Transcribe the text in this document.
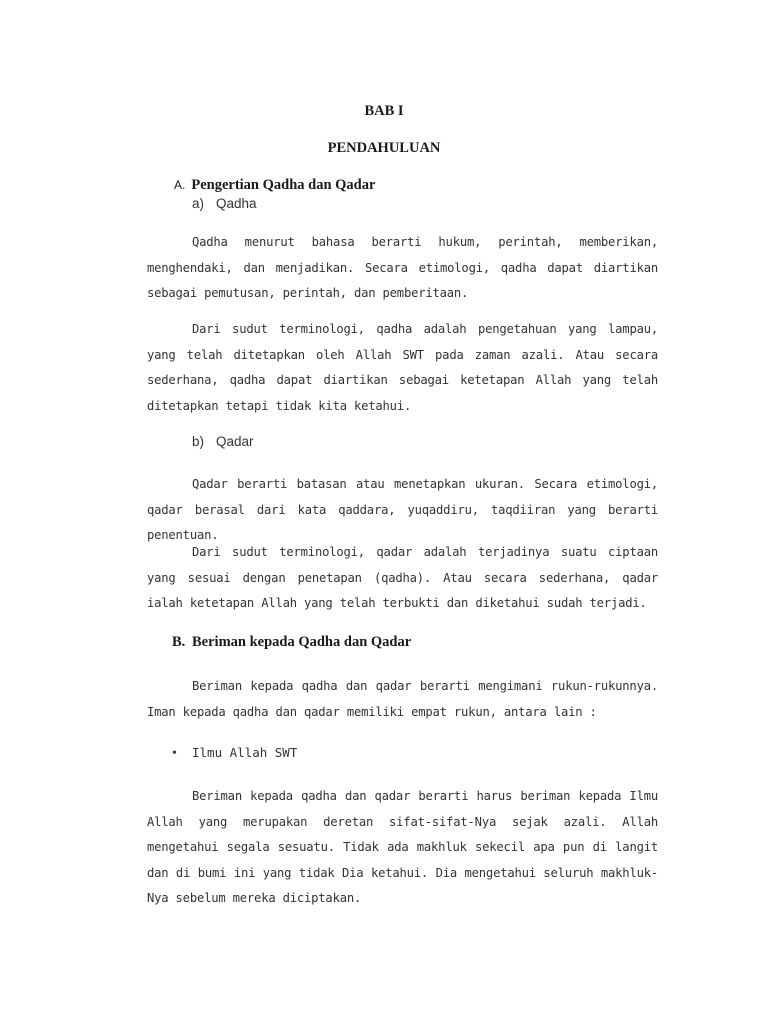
BAB I
PENDAHULUAN
A. Pengertian Qadha dan Qadar
a) Qadha

Qadha menurut bahasa berarti hukum, perintah, memberikan, menghendaki, dan menjadikan. Secara etimologi, qadha dapat diartikan sebagai pemutusan, perintah, dan pemberitaan.

Dari sudut terminologi, qadha adalah pengetahuan yang lampau, yang telah ditetapkan oleh Allah SWT pada zaman azali. Atau secara sederhana, qadha dapat diartikan sebagai ketetapan Allah yang telah ditetapkan tetapi tidak kita ketahui.

b) Qadar

Qadar berarti batasan atau menetapkan ukuran. Secara etimologi, qadar berasal dari kata qaddara, yuqaddiru, taqdiiran yang berarti penentuan.

Dari sudut terminologi, qadar adalah terjadinya suatu ciptaan yang sesuai dengan penetapan (qadha). Atau secara sederhana, qadar ialah ketetapan Allah yang telah terbukti dan diketahui sudah terjadi.

B. Beriman kepada Qadha dan Qadar

Beriman kepada qadha dan qadar berarti mengimani rukun-rukunnya. Iman kepada qadha dan qadar memiliki empat rukun, antara lain :

• Ilmu Allah SWT

Beriman kepada qadha dan qadar berarti harus beriman kepada Ilmu Allah yang merupakan deretan sifat-sifat-Nya sejak azali. Allah mengetahui segala sesuatu. Tidak ada makhluk sekecil apa pun di langit dan di bumi ini yang tidak Dia ketahui. Dia mengetahui seluruh makhluk-Nya sebelum mereka diciptakan.
